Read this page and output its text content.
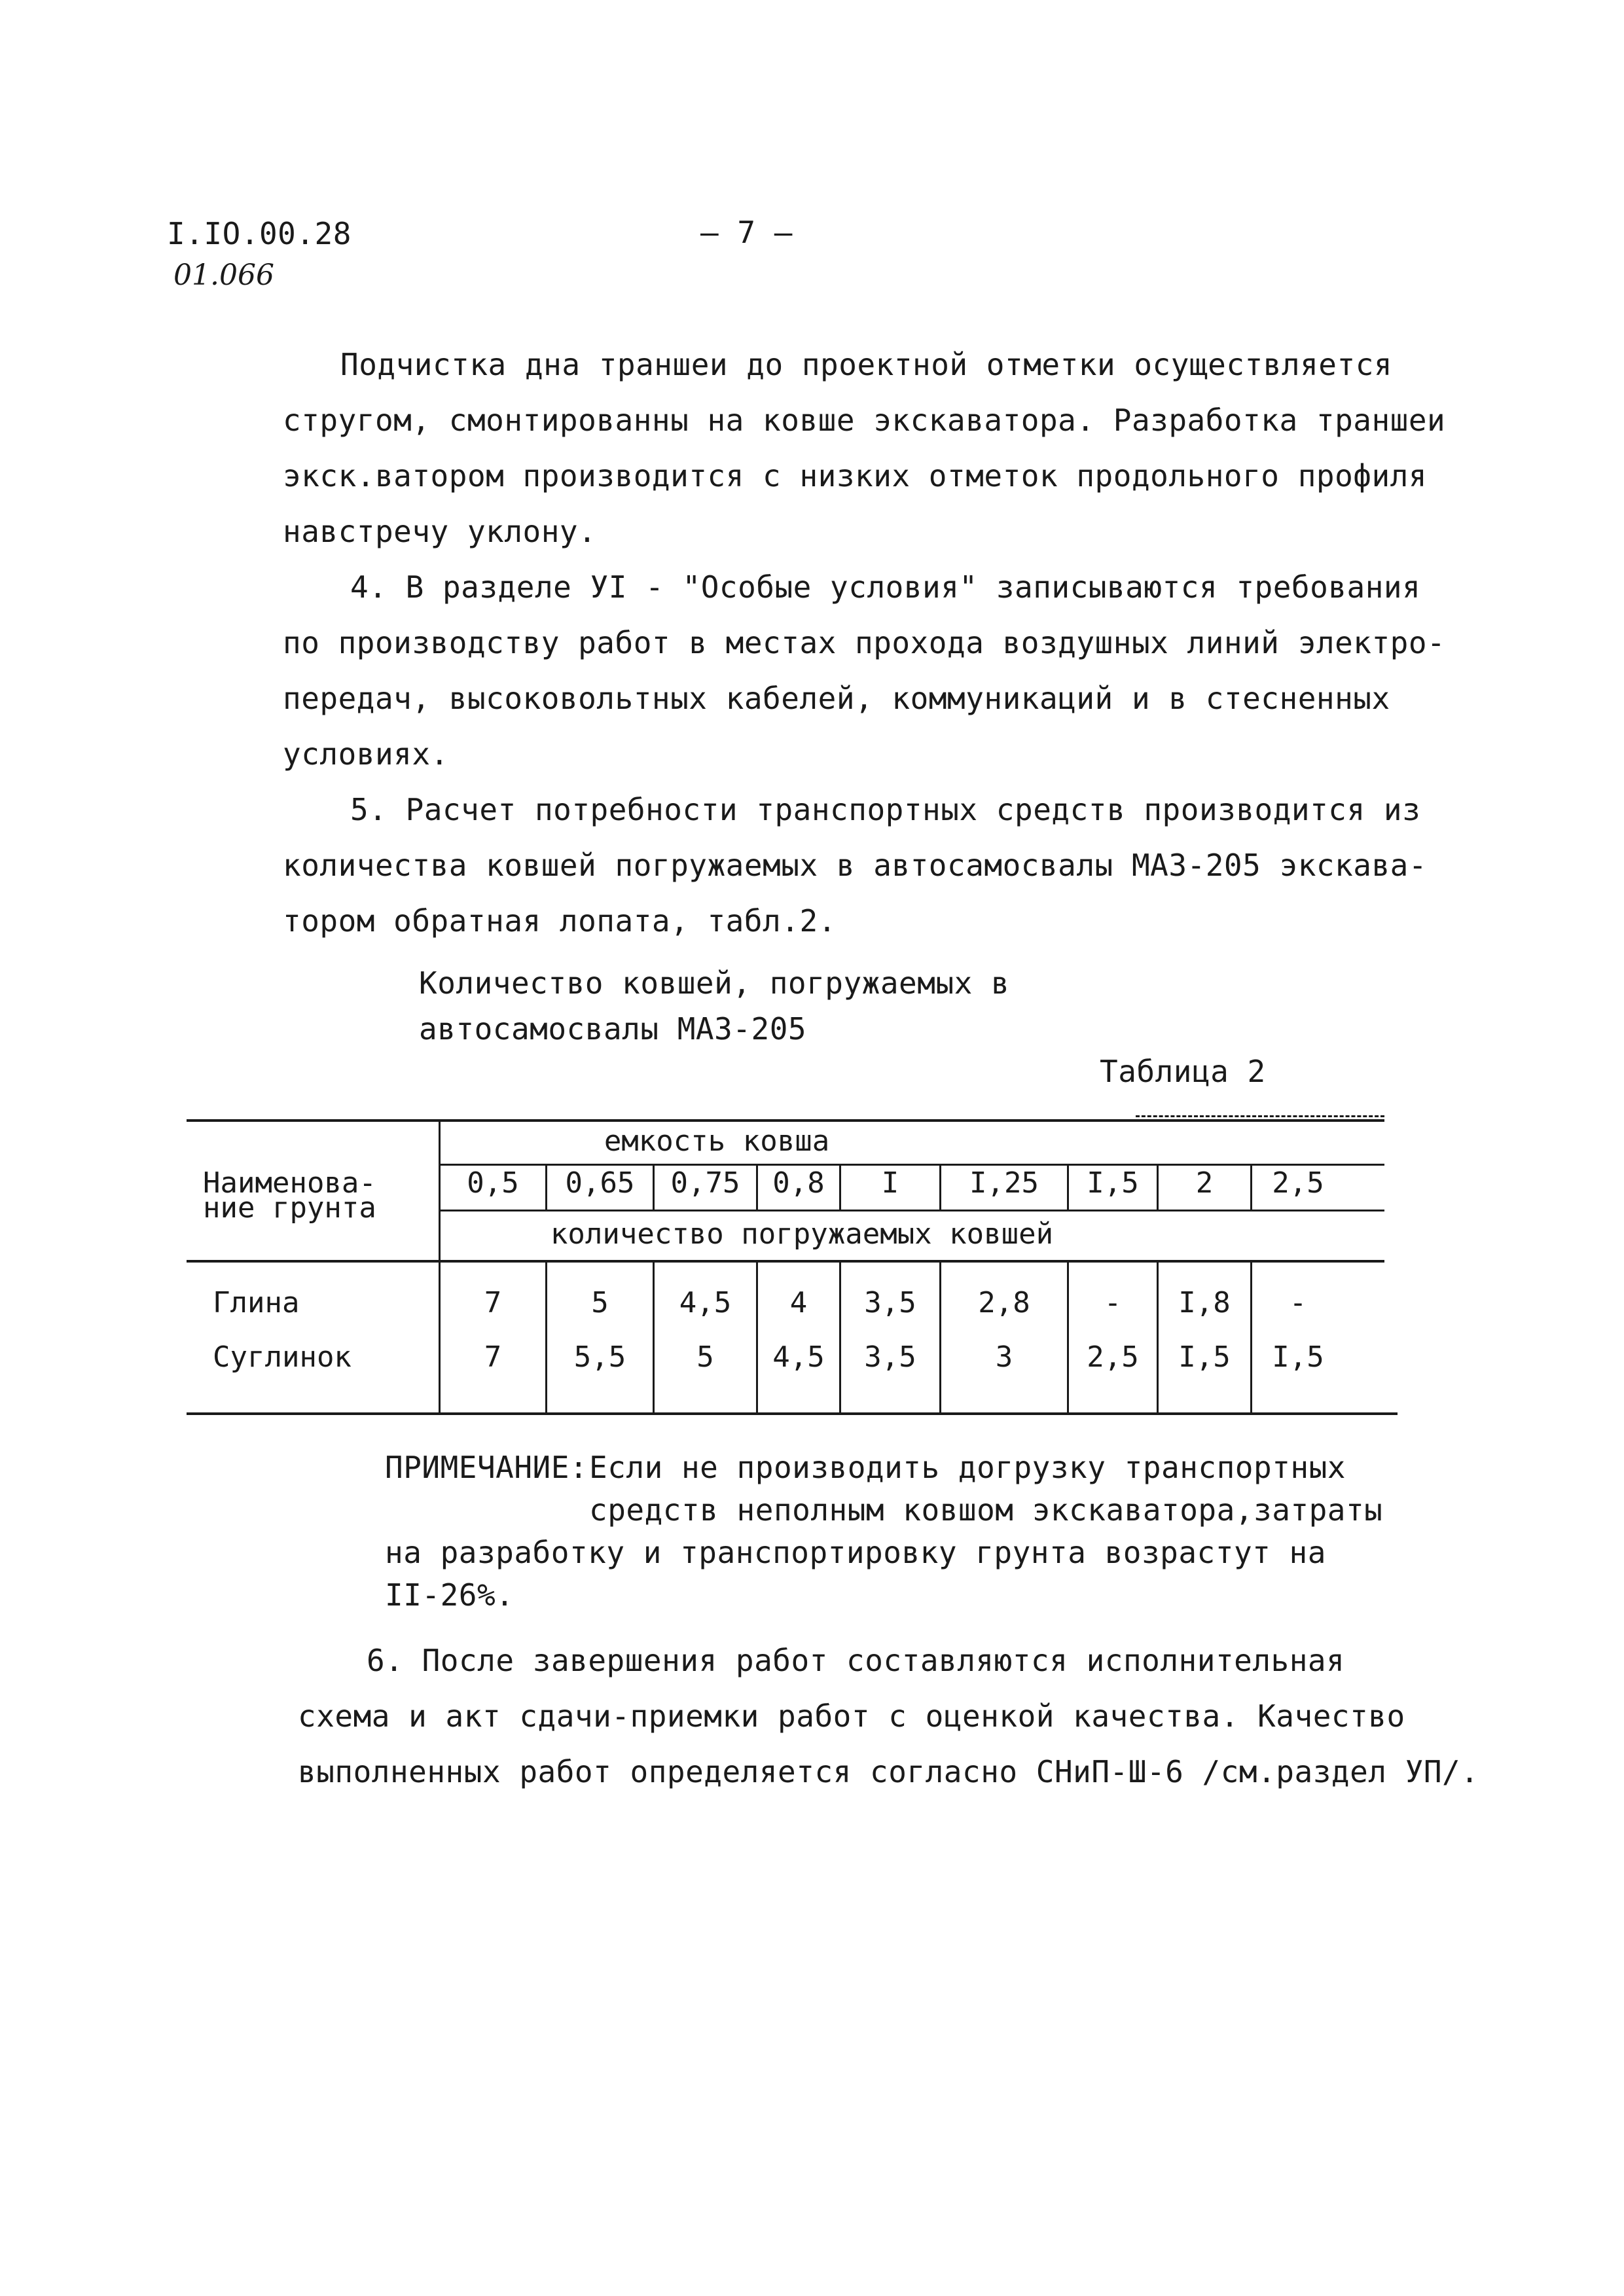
I.IO.00.28
01.066
– 7 –
Подчистка дна траншеи до проектной отметки осуществляется
стругом, смонтированны на ковше экскаватора. Разработка траншеи
экск.ватором производится с низких отметок продольного профиля
навстречу уклону.
4. В разделе УI - "Особые условия" записываются требования
по производству работ в местах прохода воздушных линий электро-
передач, высоковольтных кабелей, коммуникаций и в стесненных
условиях.
5. Расчет потребности транспортных средств производится из
количества ковшей погружаемых в автосамосвалы МАЗ-205 экскава-
тором обратная лопата, табл.2.
Количество ковшей, погружаемых в
автосамосвалы МАЗ-205
Таблица 2
Наименова-
ние грунта
емкость ковша
0,5	0,65	0,75	0,8	I	I,25	I,5	2	2,5
количество погружаемых ковшей
Глина	7	5	4,5	4	3,5	2,8	-	I,8	-
Суглинок	7	5,5	5	4,5	3,5	3	2,5	I,5	I,5
ПРИМЕЧАНИЕ: Если не производить догрузку транспортных
средств неполным ковшом экскаватора,затраты
на разработку и транспортировку грунта возрастут на
II-26%.
6. После завершения работ составляются исполнительная
схема и акт сдачи-приемки работ с оценкой качества. Качество
выполненных работ определяется согласно СНиП-Ш-6 /см.раздел УП/.
